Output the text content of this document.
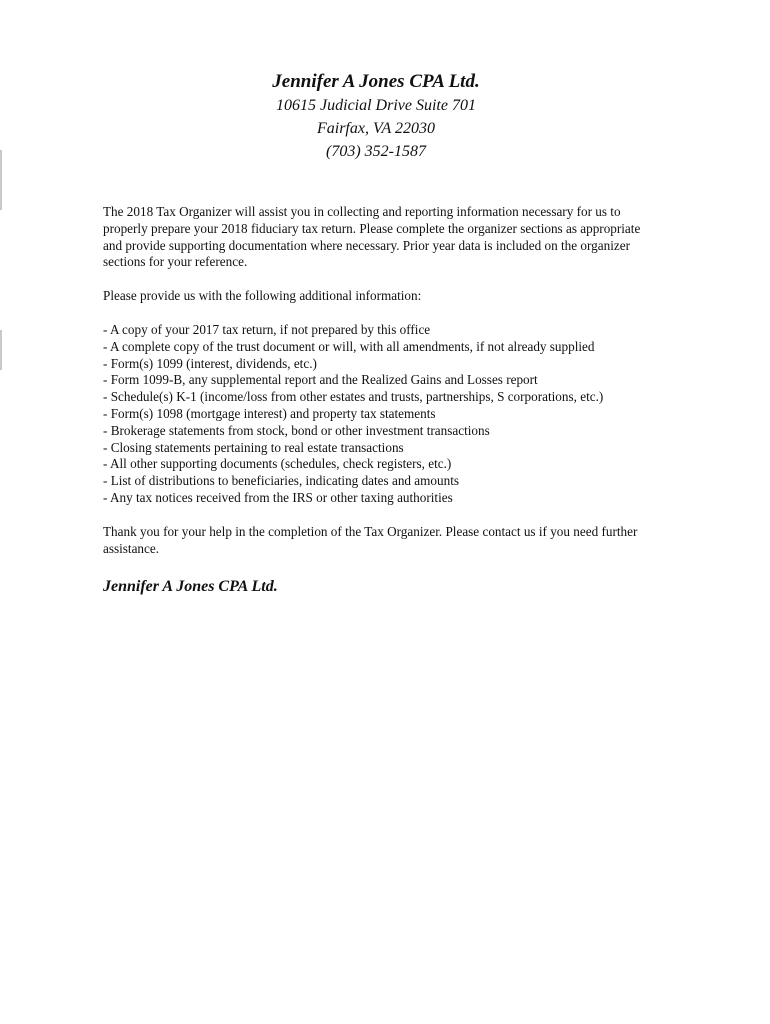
Jennifer A Jones CPA Ltd.
10615 Judicial Drive Suite 701
Fairfax, VA 22030
(703) 352-1587

The 2018 Tax Organizer will assist you in collecting and reporting information necessary for us to properly prepare your 2018 fiduciary tax return. Please complete the organizer sections as appropriate and provide supporting documentation where necessary. Prior year data is included on the organizer sections for your reference.

Please provide us with the following additional information:

- A copy of your 2017 tax return, if not prepared by this office
- A complete copy of the trust document or will, with all amendments, if not already supplied
- Form(s) 1099 (interest, dividends, etc.)
- Form 1099-B, any supplemental report and the Realized Gains and Losses report
- Schedule(s) K-1 (income/loss from other estates and trusts, partnerships, S corporations, etc.)
- Form(s) 1098 (mortgage interest) and property tax statements
- Brokerage statements from stock, bond or other investment transactions
- Closing statements pertaining to real estate transactions
- All other supporting documents (schedules, check registers, etc.)
- List of distributions to beneficiaries, indicating dates and amounts
- Any tax notices received from the IRS or other taxing authorities

Thank you for your help in the completion of the Tax Organizer. Please contact us if you need further assistance.

Jennifer A Jones CPA Ltd.
